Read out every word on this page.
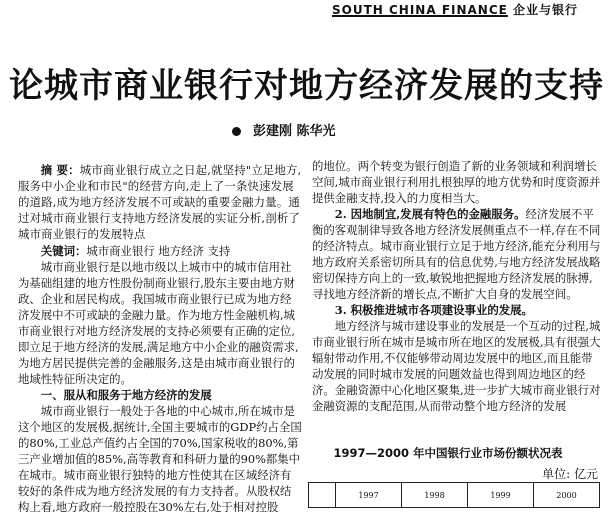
SOUTH CHINA FINANCE 企业与银行
论城市商业银行对地方经济发展的支持
彭建刚 陈华光

摘 要：城市商业银行成立之日起,就坚持"立足地方,服务中小企业和市民"的经营方向,走上了一条快速发展的道路,成为地方经济发展不可或缺的重要金融力量。通过对城市商业银行支持地方经济发展的实证分析,剖析了城市商业银行的发展特点

关键词：城市商业银行 地方经济 支持

城市商业银行是以地市级以上城市中的城市信用社为基础组建的地方性股份制商业银行,股东主要由地方财政、企业和居民构成。我国城市商业银行已成为地方经济发展中不可或缺的金融力量。作为地方性金融机构,城市商业银行对地方经济发展的支持必须要有正确的定位,即立足于地方经济的发展,满足地方中小企业的融资需求,为地方居民提供完善的金融服务,这是由城市商业银行的地域性特征所决定的。

一、服从和服务于地方经济的发展

城市商业银行一般处于各地的中心城市,所在城市是这个地区的发展极,据统计,全国主要城市的GDP约占全国的80%,工业总产值约占全国的70%,国家税收的80%,第三产业增加值的85%,高等教育和科研力量的90%都集中在城市。城市商业银行独特的地方性使其在区域经济有较好的条件成为地方经济发展的有力支持者。从股权结构上看,地方政府一般控股在30%左右,处于相对控股

的地位。两个转变为银行创造了新的业务领域和利润增长空间,城市商业银行利用扎根独厚的地方优势和时度资源并提供金融支持,投入的力度相当大。

2. 因地制宜,发展有特色的金融服务。经济发展不平衡的客观制律导致各地方经济发展侧重点不一样,存在不同的经济特点。城市商业银行立足于地方经济,能充分利用与地方政府关系密切所具有的信息优势,与地方经济发展战略密切保持方向上的一致,敏锐地把握地方经济发展的脉搏,寻找地方经济新的增长点,不断扩大自身的发展空间。

3. 积极推进城市各项建设事业的发展。

地方经济与城市建设事业的发展是一个互动的过程,城市商业银行所在城市是城市所在地区的发展极,具有很强大辐射带动作用,不仅能够带动周边发展中的地区,而且能带动发展的同时城市发展的问题效益也得到周边地区的经济。金融资源中心化地区聚集,进一步扩大城市商业银行对金融资源的支配范围,从而带动整个地方经济的发展

1997—2000 年中国银行业市场份额状况表
单位: 亿元
	1997	1998	1999	2000
